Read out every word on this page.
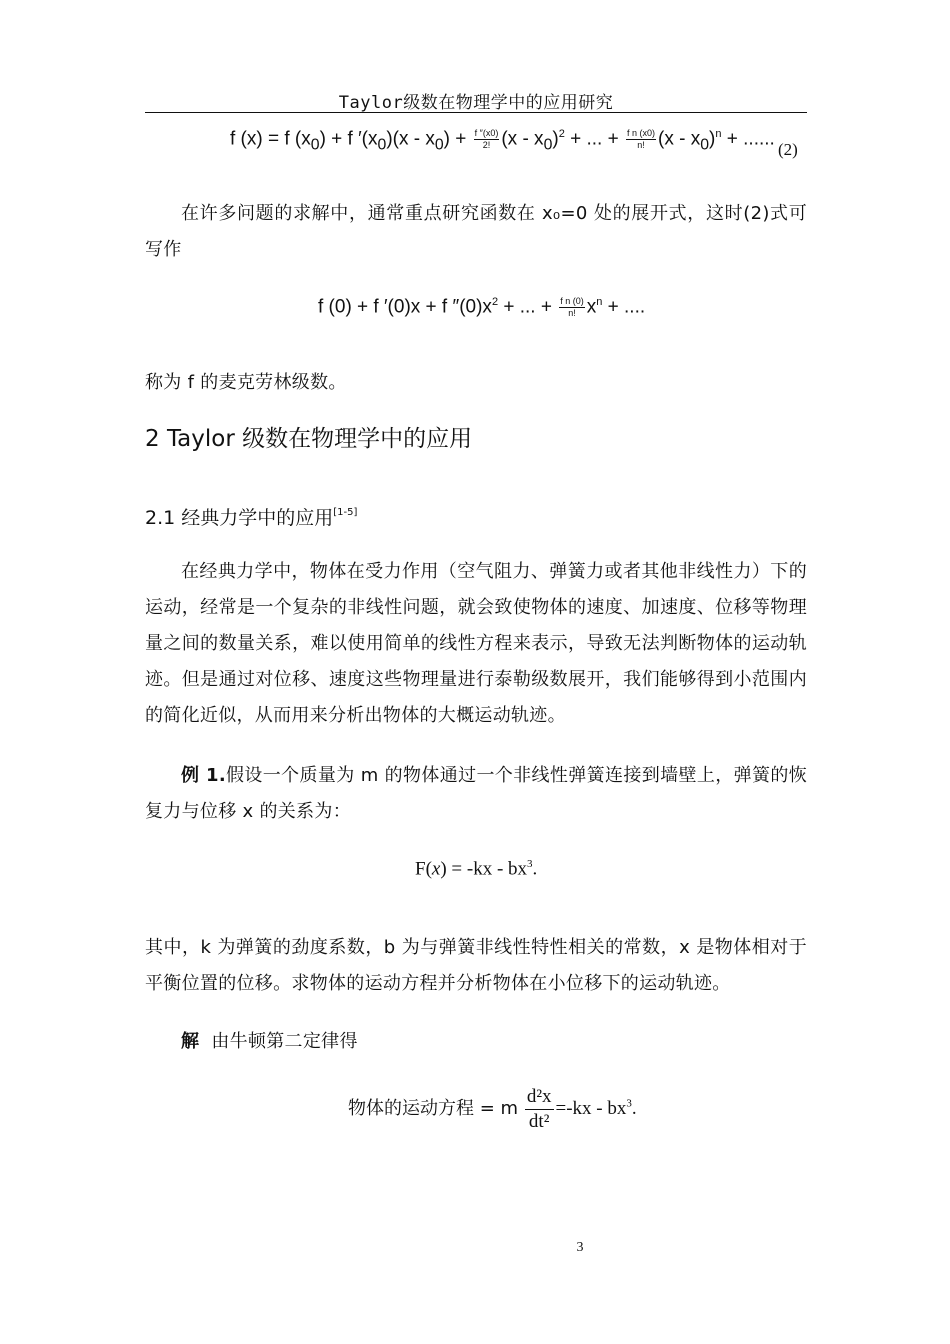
Taylor级数在物理学中的应用研究
f (x) = f $(x_0) + f$ $'(x_0)(x - x_0) + \frac{f ''(x0)}{2!} (x - x_0)^2$ + ... + $\frac{\text{f n (x0)}}{n!} (x - x_0)^n$ + ...... (2)
在许多问题的求解中，通常重点研究函数在 x₀=0 处的展开式，这时(2)式可写作
f (0) + f ′(0)x + f $''(0)x^2$ + ... + $\frac{\text{f n (0)}}{n!} x^n$ + ....
称为 f 的麦克劳林级数。
2 Taylor 级数在物理学中的应用
2.1 经典力学中的应用[1-5]
在经典力学中，物体在受力作用（空气阻力、弹簧力或者其他非线性力）下的运动，经常是一个复杂的非线性问题，就会致使物体的速度、加速度、位移等物理量之间的数量关系，难以使用简单的线性方程来表示，导致无法判断物体的运动轨迹。但是通过对位移、速度这些物理量进行泰勒级数展开，我们能够得到小范围内的简化近似，从而用来分析出物体的大概运动轨迹。
例 1.假设一个质量为 m 的物体通过一个非线性弹簧连接到墙壁上，弹簧的恢复力与位移 x 的关系为：
$F(x) = -kx - bx^3$.
其中，k 为弹簧的劲度系数，b 为与弹簧非线性特性相关的常数，x 是物体相对于平衡位置的位移。求物体的运动方程并分析物体在小位移下的运动轨迹。
解 由牛顿第二定律得
物体的运动方程 = m $\frac{\text{d²x}}{\text{dt²}} =-kx - bx^3$.
3
